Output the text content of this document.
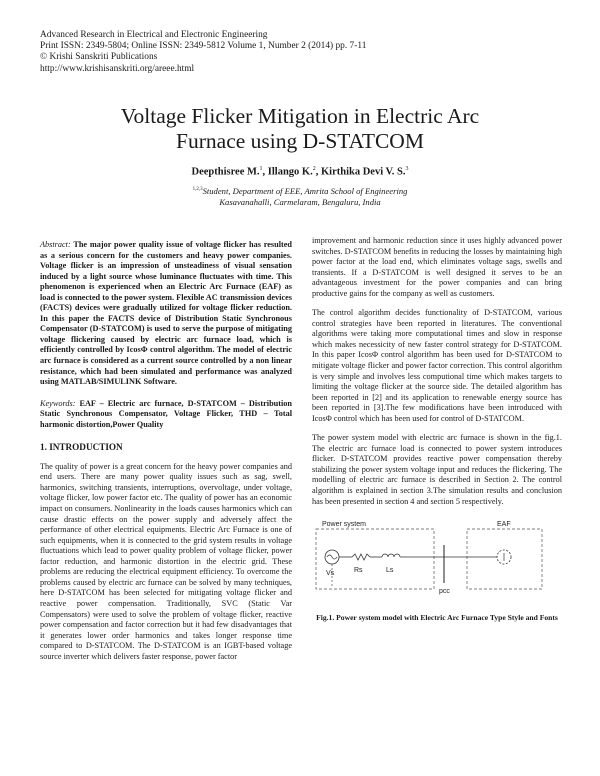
Advanced Research in Electrical and Electronic Engineering
Print ISSN: 2349-5804; Online ISSN: 2349-5812 Volume 1, Number 2 (2014) pp. 7-11
© Krishi Sanskriti Publications
http://www.krishisanskriti.org/areee.html
Voltage Flicker Mitigation in Electric Arc
Furnace using D-STATCOM
Deepthisree M.$^1$, Illango K.$^2$, Kirthika Devi V. S.$^3$
$^{1,2,3}$Student, Department of EEE, Amrita School of Engineering
Kasavanahalli, Carmelaram, Bengaluru, India
Abstract: The major power quality issue of voltage flicker has resulted as a serious concern for the customers and heavy power companies. Voltage flicker is an impression of unsteadiness of visual sensation induced by a light source whose luminance fluctuates with time. This phenomenon is experienced when an Electric Arc Furnace (EAF) as load is connected to the power system. Flexible AC transmission devices (FACTS) devices were gradually utilized for voltage flicker reduction. In this paper the FACTS device of Distribution Static Synchronous Compensator (D-STATCOM) is used to serve the purpose of mitigating voltage flickering caused by electric arc furnace load, which is efficiently controlled by IcosΦ control algorithm. The model of electric arc furnace is considered as a current source controlled by a non linear resistance, which had been simulated and performance was analyzed using MATLAB/SIMULINK Software.
Keywords: EAF – Electric arc furnace, D-STATCOM – Distribution Static Synchronous Compensator, Voltage Flicker, THD – Total harmonic distortion,Power Quality
1. INTRODUCTION

The quality of power is a great concern for the heavy power companies and end users. There are many power quality issues such as sag, swell, harmonics, switching transients, interruptions, overvoltage, under voltage, voltage flicker, low power factor etc. The quality of power has an economic impact on consumers. Nonlinearity in the loads causes harmonics which can cause drastic effects on the power supply and adversely affect the performance of other electrical equipments. Electric Arc Furnace is one of such equipments, when it is connected to the grid system results in voltage fluctuations which lead to power quality problem of voltage flicker, power factor reduction, and harmonic distortion in the electric grid. These problems are reducing the electrical equipment efficiency. To overcome the problems caused by electric arc furnace can be solved by many techniques, here D-STATCOM has been selected for mitigating voltage flicker and reactive power compensation. Traditionally, SVC (Static Var Compensators) were used to solve the problem of voltage flicker, reactive power compensation and factor correction but it had few disadvantages that it generates lower order harmonics and takes longer response time compared to D-STATCOM. The D-STATCOM is an IGBT-based voltage source inverter which delivers faster response, power factor

improvement and harmonic reduction since it uses highly advanced power switches. D-STATCOM benefits in reducing the losses by maintaining high power factor at the load end, which eliminates voltage sags, swells and transients. If a D-STATCOM is well designed it serves to be an advantageous investment for the power companies and can bring productive gains for the company as well as customers.

The control algorithm decides functionality of D-STATCOM, various control strategies have been reported in literatures. The conventional algorithms were taking more computational times and slow in response which makes necessicity of new faster control strategy for D-STATCOM. In this paper IcosΦ control algorithm has been used for D-STATCOM to mitigate voltage flicker and power factor correction. This control algorithm is very simple and involves less computional time which makes targets to limiting the voltage flicker at the source side. The detailed algorithm has been reported in [2] and its application to renewable energy source has been reported in [3].The few modifications have been introduced with IcosΦ control which has been used for control of D-STATCOM.

The power system model with electric arc furnace is shown in the fig.1. The electric arc furnace load is connected to power system introduces flicker. D-STATCOM provides reactive power compensation thereby stabilizing the power system voltage input and reduces the flickering. The modelling of electric arc furnace is described in Section 2. The control algorithm is explained in section 3.The simulation results and conclusion has been presented in section 4 and section 5 respectively.

Power system
Vs	Rs	Ls
pcc
EAF
Fig.1. Power system model with Electric Arc Furnace Type Style and Fonts
